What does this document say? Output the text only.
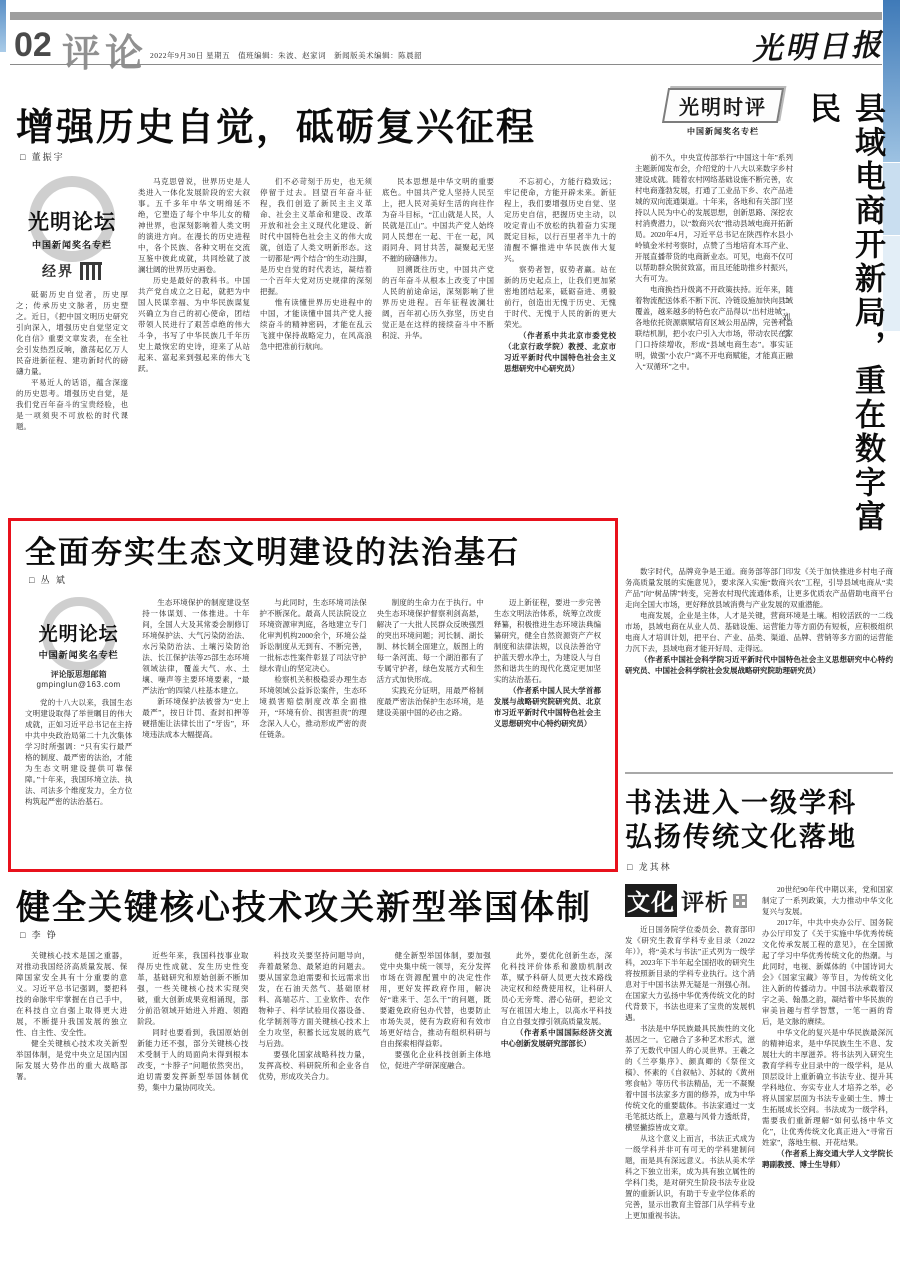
02 评论 2022年9月30日 星期五　值班编辑：朱波、赵家词　新闻版美术编辑：陈晨韶	光明日报
增强历史自觉，砥砺复兴征程
□ 董振宇
光明论坛
中国新闻奖名专栏
经界

砥砺历史自觉者，历史厚之；传承历史文脉者，历史塑之。近日，《把中国文明历史研究引向深入，增强历史自觉坚定文化自信》重要文章发表，在全社会引发热烈反响，激荡起亿万人民奋进新征程、建功新时代的磅礴力量。

平易近人的话语，蕴含深邃的历史思考。增强历史自觉，是我们党百年奋斗的宝贵经验，也是一项须臾不可放松的时代课题。

马克思曾说，世界历史是人类进入一体化发展阶段的宏大叙事。五千多年中华文明绵延不绝，它塑造了每个中华儿女的精神世界，也深刻影响着人类文明的演进方向。在漫长的历史进程中，各个民族、各种文明在交流互鉴中彼此成就，共同绘就了波澜壮阔的世界历史画卷。

历史是最好的教科书。中国共产党自成立之日起，就把为中国人民谋幸福、为中华民族谋复兴确立为自己的初心使命，团结带领人民进行了艰苦卓绝的伟大斗争，书写了中华民族几千年历史上最恢宏的史诗，迎来了从站起来、富起来到强起来的伟大飞跃。

们不必苛刻于历史，也无须停留于过去。回望百年奋斗征程，我们创造了新民主主义革命、社会主义革命和建设、改革开放和社会主义现代化建设、新时代中国特色社会主义的伟大成就，创造了人类文明新形态。这一切都是“两个结合”的生动注脚，是历史自觉的时代表达，凝结着一个百年大党对历史规律的深刻把握。

惟有读懂世界历史进程中的中国，才能读懂中国共产党人接续奋斗的精神密码，才能在乱云飞渡中保持战略定力，在风高浪急中把准前行航向。

民本思想是中华文明的重要底色。中国共产党人坚持人民至上，把人民对美好生活的向往作为奋斗目标，“江山就是人民，人民就是江山”。中国共产党人始终同人民想在一起、干在一起，风雨同舟、同甘共苦，凝聚起无坚不摧的磅礴伟力。

回溯既往历史，中国共产党的百年奋斗从根本上改变了中国人民的前途命运，深刻影响了世界历史进程。百年征程波澜壮阔，百年初心历久弥坚，历史自觉正是在这样的接续奋斗中不断积淀、升华。

不忘初心，方能行稳致远；牢记使命，方能开辟未来。新征程上，我们要增强历史自觉、坚定历史自信，把握历史主动，以咬定青山不放松的执着奋力实现既定目标，以行百里者半九十的清醒不懈推进中华民族伟大复兴。

察势者智，驭势者赢。站在新的历史起点上，让我们更加紧密地团结起来，砥砺奋进、勇毅前行，创造出无愧于历史、无愧于时代、无愧于人民的新的更大荣光。

（作者系中共北京市委党校（北京行政学院）教授、北京市习近平新时代中国特色社会主义思想研究中心研究员）

光明时评
中国新闻奖名专栏

前不久，中央宣传部举行“中国这十年”系列主题新闻发布会，介绍党的十八大以来数字乡村建设成就。随着农村网络基础设施不断完善，农村电商蓬勃发展，打通了工业品下乡、农产品进城的双向流通渠道。十年来，各地和有关部门坚持以人民为中心的发展思想，创新思路、深挖农村消费潜力，以“数商兴农”推动县域电商开拓新局。2020年4月，习近平总书记在陕西柞水县小岭镇金米村考察时，点赞了当地培育木耳产业、开展直播带货的电商新业态。可见，电商不仅可以帮助群众脱贫致富，而且还能助推乡村振兴，大有可为。

电商换挡升级离不开政策扶持。近年来，随着物流配送体系不断下沉、冷链设施加快向县域覆盖，越来越多的特色农产品得以“出村进城”。各地依托资源禀赋培育区域公用品牌，完善利益联结机制，把小农户引入大市场，带动农民在家门口持续增收，形成“县域电商生态”。事实证明，做强“小农户”离不开电商赋能，才能真正融入“双循环”之中。	县域电商开新局，重在数字富民
□ 刘 学

数字时代，品牌竞争是王道。商务部等部门印发《关于加快推进乡村电子商务高质量发展的实施意见》，要求深入实施“数商兴农”工程，引导县域电商从“卖产品”向“树品牌”转变，完善农村现代流通体系，让更多优质农产品借助电商平台走向全国大市场，更好释放县域消费与产业发展的双重潜能。

电商发展，企业是主体，人才是关键，营商环境是土壤。相较活跃的一二线市场，县域电商在从业人员、基础设施、运营能力等方面仍有短板，应积极组织电商人才培训计划，把平台、产业、品类、渠道、品牌、营销等多方面的运营能力沉下去，县域电商才能开好局、走得远。

（作者系中国社会科学院习近平新时代中国特色社会主义思想研究中心特约研究员、中国社会科学院社会发展战略研究院助理研究员）

书法进入一级学科
弘扬传统文化落地
□ 龙其林
文化 评析

近日国务院学位委员会、教育部印发《研究生教育学科专业目录（2022年）》，将“美术与书法”正式列为一级学科，2023年下半年起全国招收的研究生将按照新目录的学科专业执行。这个消息对于中国书法界无疑是一剂强心剂。在国家大力弘扬中华优秀传统文化的时代背景下，书法也迎来了宝贵的发展机遇。

书法是中华民族最具民族性的文化基因之一。它融合了多种艺术形式，滋养了无数代中国人的心灵世界。王羲之的《兰亭集序》、颜真卿的《祭侄文稿》、怀素的《自叙帖》、苏轼的《黄州寒食帖》等历代书法精品，无一不凝聚着中国书法家多方面的修养，成为中华传统文化的重要载体。书法家通过一支毛笔抵达纸上，意趣与风骨力透纸背，横竖撇捺皆成文章。

从这个意义上而言，书法正式成为一级学科并非可有可无的学科建制问题，而是具有深远意义。书法从美术学科之下独立出来，成为具有独立属性的学科门类，是对研究生阶段书法专业设置的重新认识，有助于专业学位体系的完善，显示出教育主管部门从学科专业上更加重视书法。

20世纪90年代中期以来，党和国家制定了一系列政策，大力推动中华文化复兴与发展。

2017年，中共中央办公厅、国务院办公厅印发了《关于实施中华优秀传统文化传承发展工程的意见》，在全国掀起了学习中华优秀传统文化的热潮。与此同时，电视、新媒体的《中国诗词大会》《国家宝藏》等节目，为传统文化注入新的传播动力。中国书法承载着汉字之美、翰墨之韵，凝结着中华民族的审美旨趣与哲学智慧，一笔一画的背后，是文脉的赓续。

中华文化的复兴是中华民族最深沉的精神追求，是中华民族生生不息、发展壮大的丰厚滋养。将书法列入研究生教育学科专业目录中的一级学科，是从顶层设计上重新确立书法专业、提升其学科地位、夯实专业人才培养之举，必将从国家层面为书法专业硕士生、博士生拓展成长空间。书法成为一级学科，需要我们重新理解“如何弘扬中华文化”，让优秀传统文化真正进入“寻常百姓家”，落地生根、开花结果。

（作者系上海交通大学人文学院长聘副教授、博士生导师）

全面夯实生态文明建设的法治基石
□ 丛 斌
光明论坛
中国新闻奖名专栏
评论版思想邮箱
gmpinglun@163.com

党的十八大以来，我国生态文明建设取得了举世瞩目的伟大成就，正如习近平总书记在主持中共中央政治局第二十九次集体学习时所强调：“只有实行最严格的制度、最严密的法治，才能为生态文明建设提供可靠保障。”十年来，我国环境立法、执法、司法多个维度发力，全方位构筑起严密的法治基石。

生态环境保护的制度建设坚持一体谋划、一体推进。十年间，全国人大及其常委会制修订环境保护法、大气污染防治法、水污染防治法、土壤污染防治法、长江保护法等25部生态环境领域法律，覆盖大气、水、土壤、噪声等主要环境要素，“最严法治”的四梁八柱基本建立。

新环境保护法被誉为“史上最严”，按日计罚、查封扣押等硬措施让法律长出了“牙齿”，环境违法成本大幅提高。

与此同时，生态环境司法保护不断深化。最高人民法院设立环境资源审判庭，各地建立专门化审判机构2000余个，环境公益诉讼制度从无到有、不断完善，一批标志性案件彰显了司法守护绿水青山的坚定决心。

检察机关积极稳妥办理生态环境领域公益诉讼案件，生态环境损害赔偿制度改革全面推开，“环境有价、损害担责”的理念深入人心，推动形成严密的责任链条。

制度的生命力在于执行。中央生态环境保护督察利剑高悬，解决了一大批人民群众反映强烈的突出环境问题；河长制、湖长制、林长制全面建立，版图上的每一条河流、每一个湖泊都有了专属守护者，绿色发展方式和生活方式加快形成。

实践充分证明，用最严格制度最严密法治保护生态环境，是建设美丽中国的必由之路。

迈上新征程，要进一步完善生态文明法治体系，统筹立改废释纂，积极推进生态环境法典编纂研究，健全自然资源资产产权制度和法律法规，以良法善治守护蓝天碧水净土，为建设人与自然和谐共生的现代化奠定更加坚实的法治基石。

（作者系中国人民大学首都发展与战略研究院研究员、北京市习近平新时代中国特色社会主义思想研究中心特约研究员）

健全关键核心技术攻关新型举国体制
□ 李 铮

关键核心技术是国之重器，对推动我国经济高质量发展、保障国家安全具有十分重要的意义。习近平总书记强调，要把科技的命脉牢牢掌握在自己手中，在科技自立自强上取得更大进展，不断提升我国发展的独立性、自主性、安全性。

健全关键核心技术攻关新型举国体制，是党中央立足国内国际发展大势作出的重大战略部署。

近些年来，我国科技事业取得历史性成就、发生历史性变革，基础研究和原始创新不断加强，一些关键核心技术实现突破，重大创新成果竞相涌现，部分前沿领域开始进入并跑、领跑阶段。

同时也要看到，我国原始创新能力还不强，部分关键核心技术受制于人的局面尚未得到根本改变，“卡脖子”问题依然突出，迫切需要发挥新型举国体制优势，集中力量协同攻关。

科技攻关要坚持问题导向，奔着最紧急、最紧迫的问题去。要从国家急迫需要和长远需求出发，在石油天然气、基础原材料、高端芯片、工业软件、农作物种子、科学试验用仪器设备、化学制剂等方面关键核心技术上全力攻坚，积蓄长远发展的底气与后劲。

要强化国家战略科技力量，发挥高校、科研院所和企业各自优势，形成攻关合力。

健全新型举国体制，要加强党中央集中统一领导，充分发挥市场在资源配置中的决定性作用，更好发挥政府作用，解决好“谁来干、怎么干”的问题，既要避免政府包办代替，也要防止市场失灵，使有为政府和有效市场更好结合，推动有组织科研与自由探索相得益彰。

要强化企业科技创新主体地位，促进产学研深度融合。

此外，要优化创新生态，深化科技评价体系和激励机制改革，赋予科研人员更大技术路线决定权和经费使用权，让科研人员心无旁骛、潜心钻研，把论文写在祖国大地上，以高水平科技自立自强支撑引领高质量发展。

（作者系中国国际经济交流中心创新发展研究部部长）
